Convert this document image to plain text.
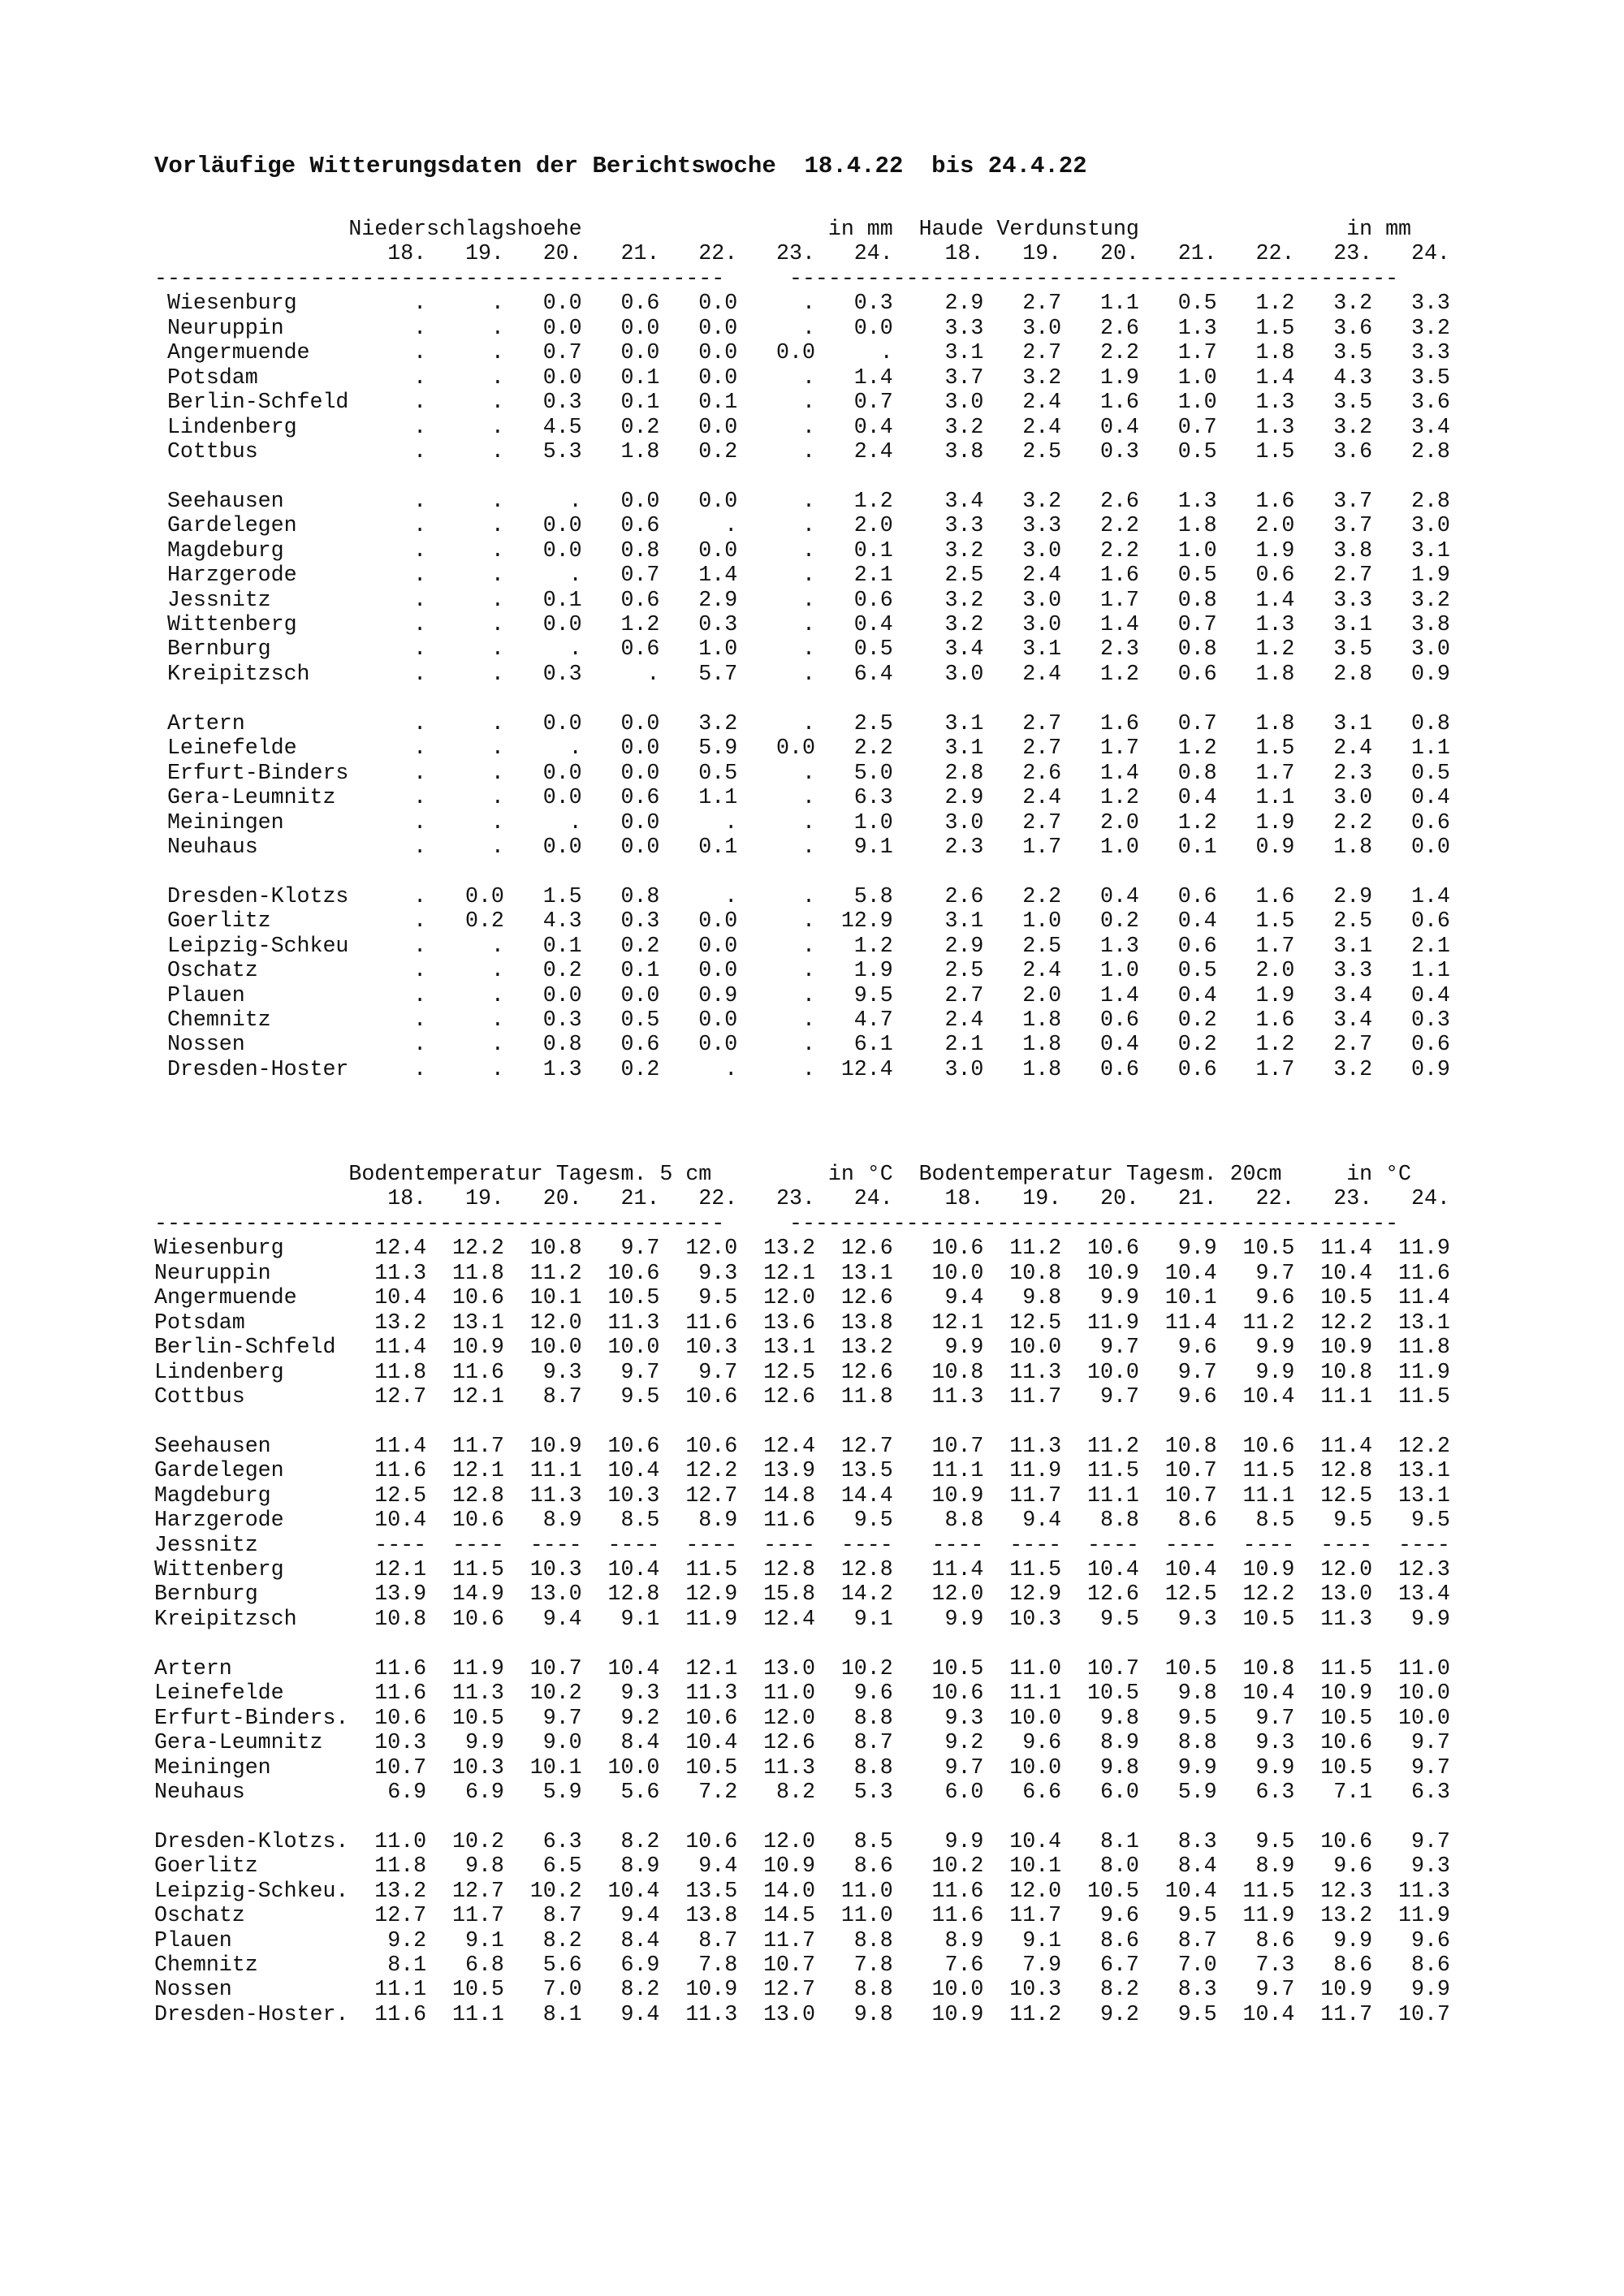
Vorläufige Witterungsdaten der Berichtswoche  18.4.22  bis 24.4.22
Niederschlagshoehe                   in mm  Haude Verdunstung                in mm
18.   19.   20.   21.   22.   23.   24.    18.   19.   20.   21.   22.   23.   24.
--------------------------------------------     -----------------------------------------------
Wiesenburg         .     .   0.0   0.6   0.0     .   0.3    2.9   2.7   1.1   0.5   1.2   3.2   3.3
Neuruppin          .     .   0.0   0.0   0.0     .   0.0    3.3   3.0   2.6   1.3   1.5   3.6   3.2
Angermuende        .     .   0.7   0.0   0.0   0.0     .    3.1   2.7   2.2   1.7   1.8   3.5   3.3
Potsdam            .     .   0.0   0.1   0.0     .   1.4    3.7   3.2   1.9   1.0   1.4   4.3   3.5
Berlin-Schfeld     .     .   0.3   0.1   0.1     .   0.7    3.0   2.4   1.6   1.0   1.3   3.5   3.6
Lindenberg         .     .   4.5   0.2   0.0     .   0.4    3.2   2.4   0.4   0.7   1.3   3.2   3.4
Cottbus            .     .   5.3   1.8   0.2     .   2.4    3.8   2.5   0.3   0.5   1.5   3.6   2.8

Seehausen          .     .     .   0.0   0.0     .   1.2    3.4   3.2   2.6   1.3   1.6   3.7   2.8
Gardelegen         .     .   0.0   0.6     .     .   2.0    3.3   3.3   2.2   1.8   2.0   3.7   3.0
Magdeburg          .     .   0.0   0.8   0.0     .   0.1    3.2   3.0   2.2   1.0   1.9   3.8   3.1
Harzgerode         .     .     .   0.7   1.4     .   2.1    2.5   2.4   1.6   0.5   0.6   2.7   1.9
Jessnitz           .     .   0.1   0.6   2.9     .   0.6    3.2   3.0   1.7   0.8   1.4   3.3   3.2
Wittenberg         .     .   0.0   1.2   0.3     .   0.4    3.2   3.0   1.4   0.7   1.3   3.1   3.8
Bernburg           .     .     .   0.6   1.0     .   0.5    3.4   3.1   2.3   0.8   1.2   3.5   3.0
Kreipitzsch        .     .   0.3     .   5.7     .   6.4    3.0   2.4   1.2   0.6   1.8   2.8   0.9

Artern             .     .   0.0   0.0   3.2     .   2.5    3.1   2.7   1.6   0.7   1.8   3.1   0.8
Leinefelde         .     .     .   0.0   5.9   0.0   2.2    3.1   2.7   1.7   1.2   1.5   2.4   1.1
Erfurt-Binders     .     .   0.0   0.0   0.5     .   5.0    2.8   2.6   1.4   0.8   1.7   2.3   0.5
Gera-Leumnitz      .     .   0.0   0.6   1.1     .   6.3    2.9   2.4   1.2   0.4   1.1   3.0   0.4
Meiningen          .     .     .   0.0     .     .   1.0    3.0   2.7   2.0   1.2   1.9   2.2   0.6
Neuhaus            .     .   0.0   0.0   0.1     .   9.1    2.3   1.7   1.0   0.1   0.9   1.8   0.0

Dresden-Klotzs     .   0.0   1.5   0.8     .     .   5.8    2.6   2.2   0.4   0.6   1.6   2.9   1.4
Goerlitz           .   0.2   4.3   0.3   0.0     .  12.9    3.1   1.0   0.2   0.4   1.5   2.5   0.6
Leipzig-Schkeu     .     .   0.1   0.2   0.0     .   1.2    2.9   2.5   1.3   0.6   1.7   3.1   2.1
Oschatz            .     .   0.2   0.1   0.0     .   1.9    2.5   2.4   1.0   0.5   2.0   3.3   1.1
Plauen             .     .   0.0   0.0   0.9     .   9.5    2.7   2.0   1.4   0.4   1.9   3.4   0.4
Chemnitz           .     .   0.3   0.5   0.0     .   4.7    2.4   1.8   0.6   0.2   1.6   3.4   0.3
Nossen             .     .   0.8   0.6   0.0     .   6.1    2.1   1.8   0.4   0.2   1.2   2.7   0.6
Dresden-Hoster     .     .   1.3   0.2     .     .  12.4    3.0   1.8   0.6   0.6   1.7   3.2   0.9
Bodentemperatur Tagesm. 5 cm         in °C  Bodentemperatur Tagesm. 20cm     in °C
18.   19.   20.   21.   22.   23.   24.    18.   19.   20.   21.   22.   23.   24.
--------------------------------------------     -----------------------------------------------
Wiesenburg       12.4  12.2  10.8   9.7  12.0  13.2  12.6   10.6  11.2  10.6   9.9  10.5  11.4  11.9
Neuruppin        11.3  11.8  11.2  10.6   9.3  12.1  13.1   10.0  10.8  10.9  10.4   9.7  10.4  11.6
Angermuende      10.4  10.6  10.1  10.5   9.5  12.0  12.6    9.4   9.8   9.9  10.1   9.6  10.5  11.4
Potsdam          13.2  13.1  12.0  11.3  11.6  13.6  13.8   12.1  12.5  11.9  11.4  11.2  12.2  13.1
Berlin-Schfeld   11.4  10.9  10.0  10.0  10.3  13.1  13.2    9.9  10.0   9.7   9.6   9.9  10.9  11.8
Lindenberg       11.8  11.6   9.3   9.7   9.7  12.5  12.6   10.8  11.3  10.0   9.7   9.9  10.8  11.9
Cottbus          12.7  12.1   8.7   9.5  10.6  12.6  11.8   11.3  11.7   9.7   9.6  10.4  11.1  11.5

Seehausen        11.4  11.7  10.9  10.6  10.6  12.4  12.7   10.7  11.3  11.2  10.8  10.6  11.4  12.2
Gardelegen       11.6  12.1  11.1  10.4  12.2  13.9  13.5   11.1  11.9  11.5  10.7  11.5  12.8  13.1
Magdeburg        12.5  12.8  11.3  10.3  12.7  14.8  14.4   10.9  11.7  11.1  10.7  11.1  12.5  13.1
Harzgerode       10.4  10.6   8.9   8.5   8.9  11.6   9.5    8.8   9.4   8.8   8.6   8.5   9.5   9.5
Jessnitz         ----  ----  ----  ----  ----  ----  ----   ----  ----  ----  ----  ----  ----  ----
Wittenberg       12.1  11.5  10.3  10.4  11.5  12.8  12.8   11.4  11.5  10.4  10.4  10.9  12.0  12.3
Bernburg         13.9  14.9  13.0  12.8  12.9  15.8  14.2   12.0  12.9  12.6  12.5  12.2  13.0  13.4
Kreipitzsch      10.8  10.6   9.4   9.1  11.9  12.4   9.1    9.9  10.3   9.5   9.3  10.5  11.3   9.9

Artern           11.6  11.9  10.7  10.4  12.1  13.0  10.2   10.5  11.0  10.7  10.5  10.8  11.5  11.0
Leinefelde       11.6  11.3  10.2   9.3  11.3  11.0   9.6   10.6  11.1  10.5   9.8  10.4  10.9  10.0
Erfurt-Binders.  10.6  10.5   9.7   9.2  10.6  12.0   8.8    9.3  10.0   9.8   9.5   9.7  10.5  10.0
Gera-Leumnitz    10.3   9.9   9.0   8.4  10.4  12.6   8.7    9.2   9.6   8.9   8.8   9.3  10.6   9.7
Meiningen        10.7  10.3  10.1  10.0  10.5  11.3   8.8    9.7  10.0   9.8   9.9   9.9  10.5   9.7
Neuhaus           6.9   6.9   5.9   5.6   7.2   8.2   5.3    6.0   6.6   6.0   5.9   6.3   7.1   6.3

Dresden-Klotzs.  11.0  10.2   6.3   8.2  10.6  12.0   8.5    9.9  10.4   8.1   8.3   9.5  10.6   9.7
Goerlitz         11.8   9.8   6.5   8.9   9.4  10.9   8.6   10.2  10.1   8.0   8.4   8.9   9.6   9.3
Leipzig-Schkeu.  13.2  12.7  10.2  10.4  13.5  14.0  11.0   11.6  12.0  10.5  10.4  11.5  12.3  11.3
Oschatz          12.7  11.7   8.7   9.4  13.8  14.5  11.0   11.6  11.7   9.6   9.5  11.9  13.2  11.9
Plauen            9.2   9.1   8.2   8.4   8.7  11.7   8.8    8.9   9.1   8.6   8.7   8.6   9.9   9.6
Chemnitz          8.1   6.8   5.6   6.9   7.8  10.7   7.8    7.6   7.9   6.7   7.0   7.3   8.6   8.6
Nossen           11.1  10.5   7.0   8.2  10.9  12.7   8.8   10.0  10.3   8.2   8.3   9.7  10.9   9.9
Dresden-Hoster.  11.6  11.1   8.1   9.4  11.3  13.0   9.8   10.9  11.2   9.2   9.5  10.4  11.7  10.7
